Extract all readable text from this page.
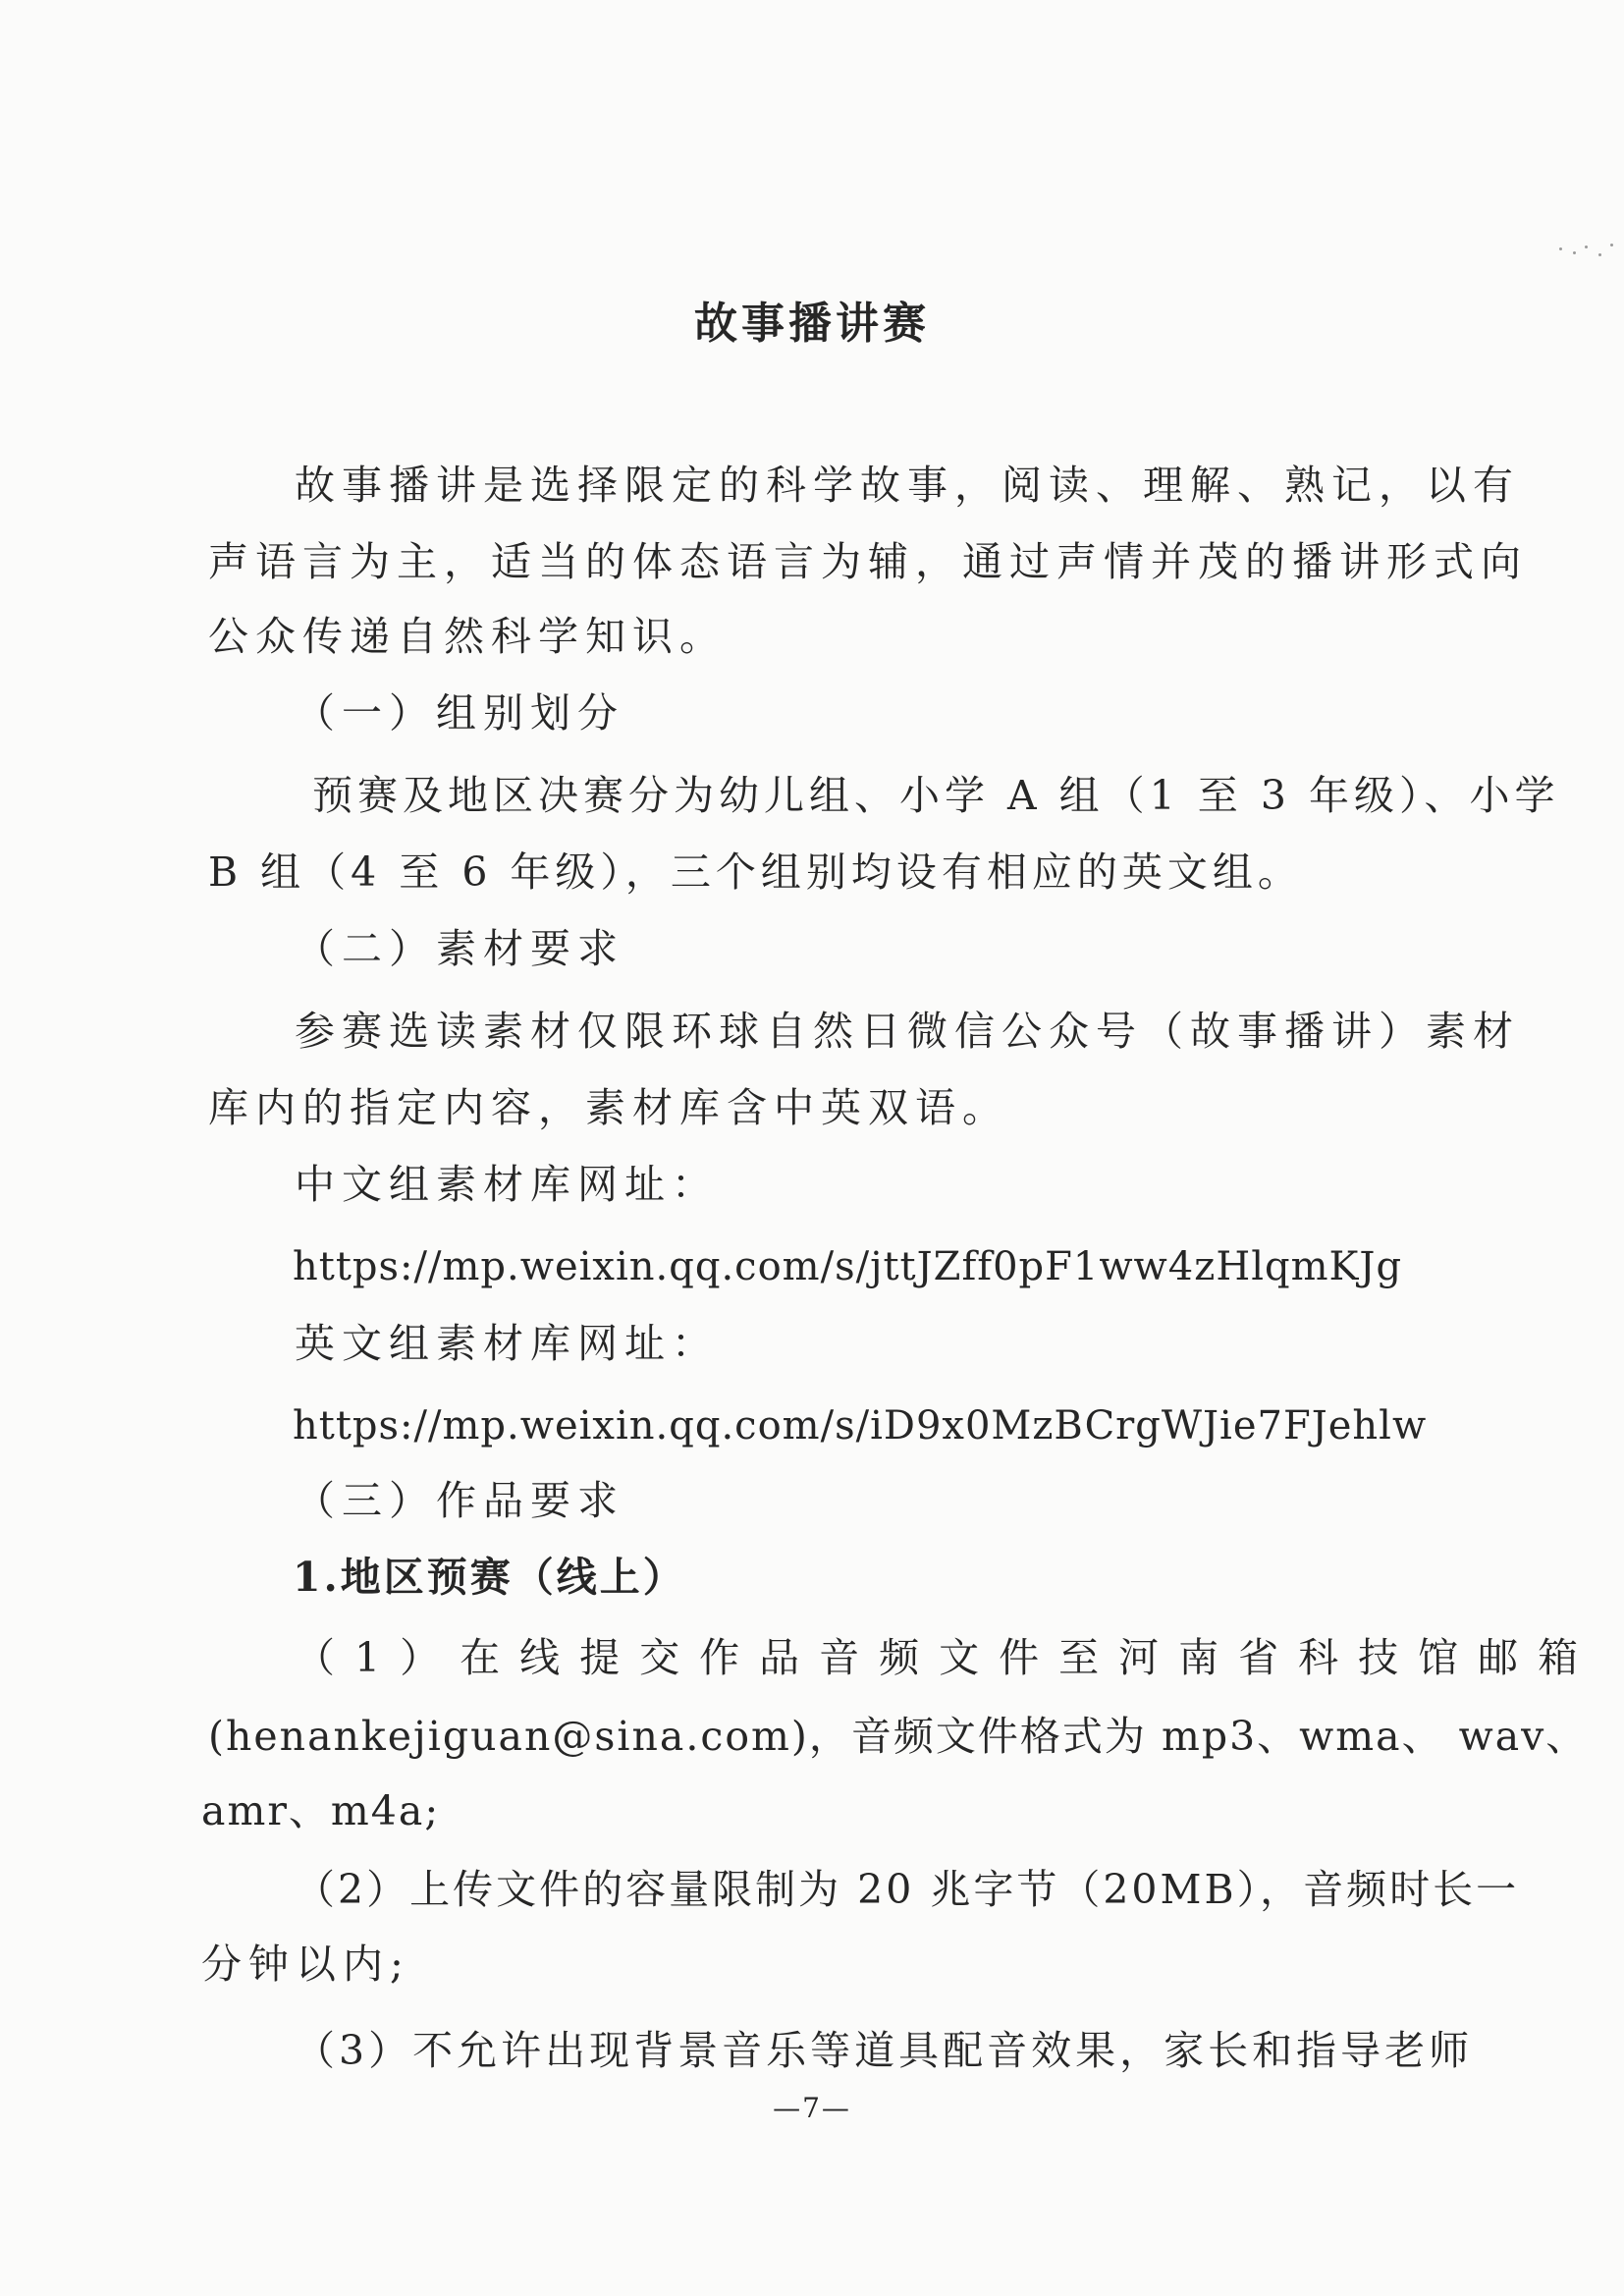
故事播讲赛
故事播讲是选择限定的科学故事，阅读、理解、熟记，以有
声语言为主，适当的体态语言为辅，通过声情并茂的播讲形式向
公众传递自然科学知识。
（一）组别划分
预赛及地区决赛分为幼儿组、小学 A 组（1 至 3 年级）、小学
B 组（4 至 6 年级），三个组别均设有相应的英文组。
（二）素材要求
参赛选读素材仅限环球自然日微信公众号（故事播讲）素材
库内的指定内容，素材库含中英双语。
中文组素材库网址：
https://mp.weixin.qq.com/s/jttJZff0pF1ww4zHlqmKJg
英文组素材库网址：
https://mp.weixin.qq.com/s/iD9x0MzBCrgWJie7FJehlw
（三）作品要求
1.地区预赛（线上）
（1）在线提交作品音频文件至河南省科技馆邮箱
(henankejiguan@sina.com)，音频文件格式为 mp3、wma、 wav、
amr、m4a;
（2）上传文件的容量限制为 20 兆字节（20MB），音频时长一
分钟以内;
（3）不允许出现背景音乐等道具配音效果，家长和指导老师
—7—
